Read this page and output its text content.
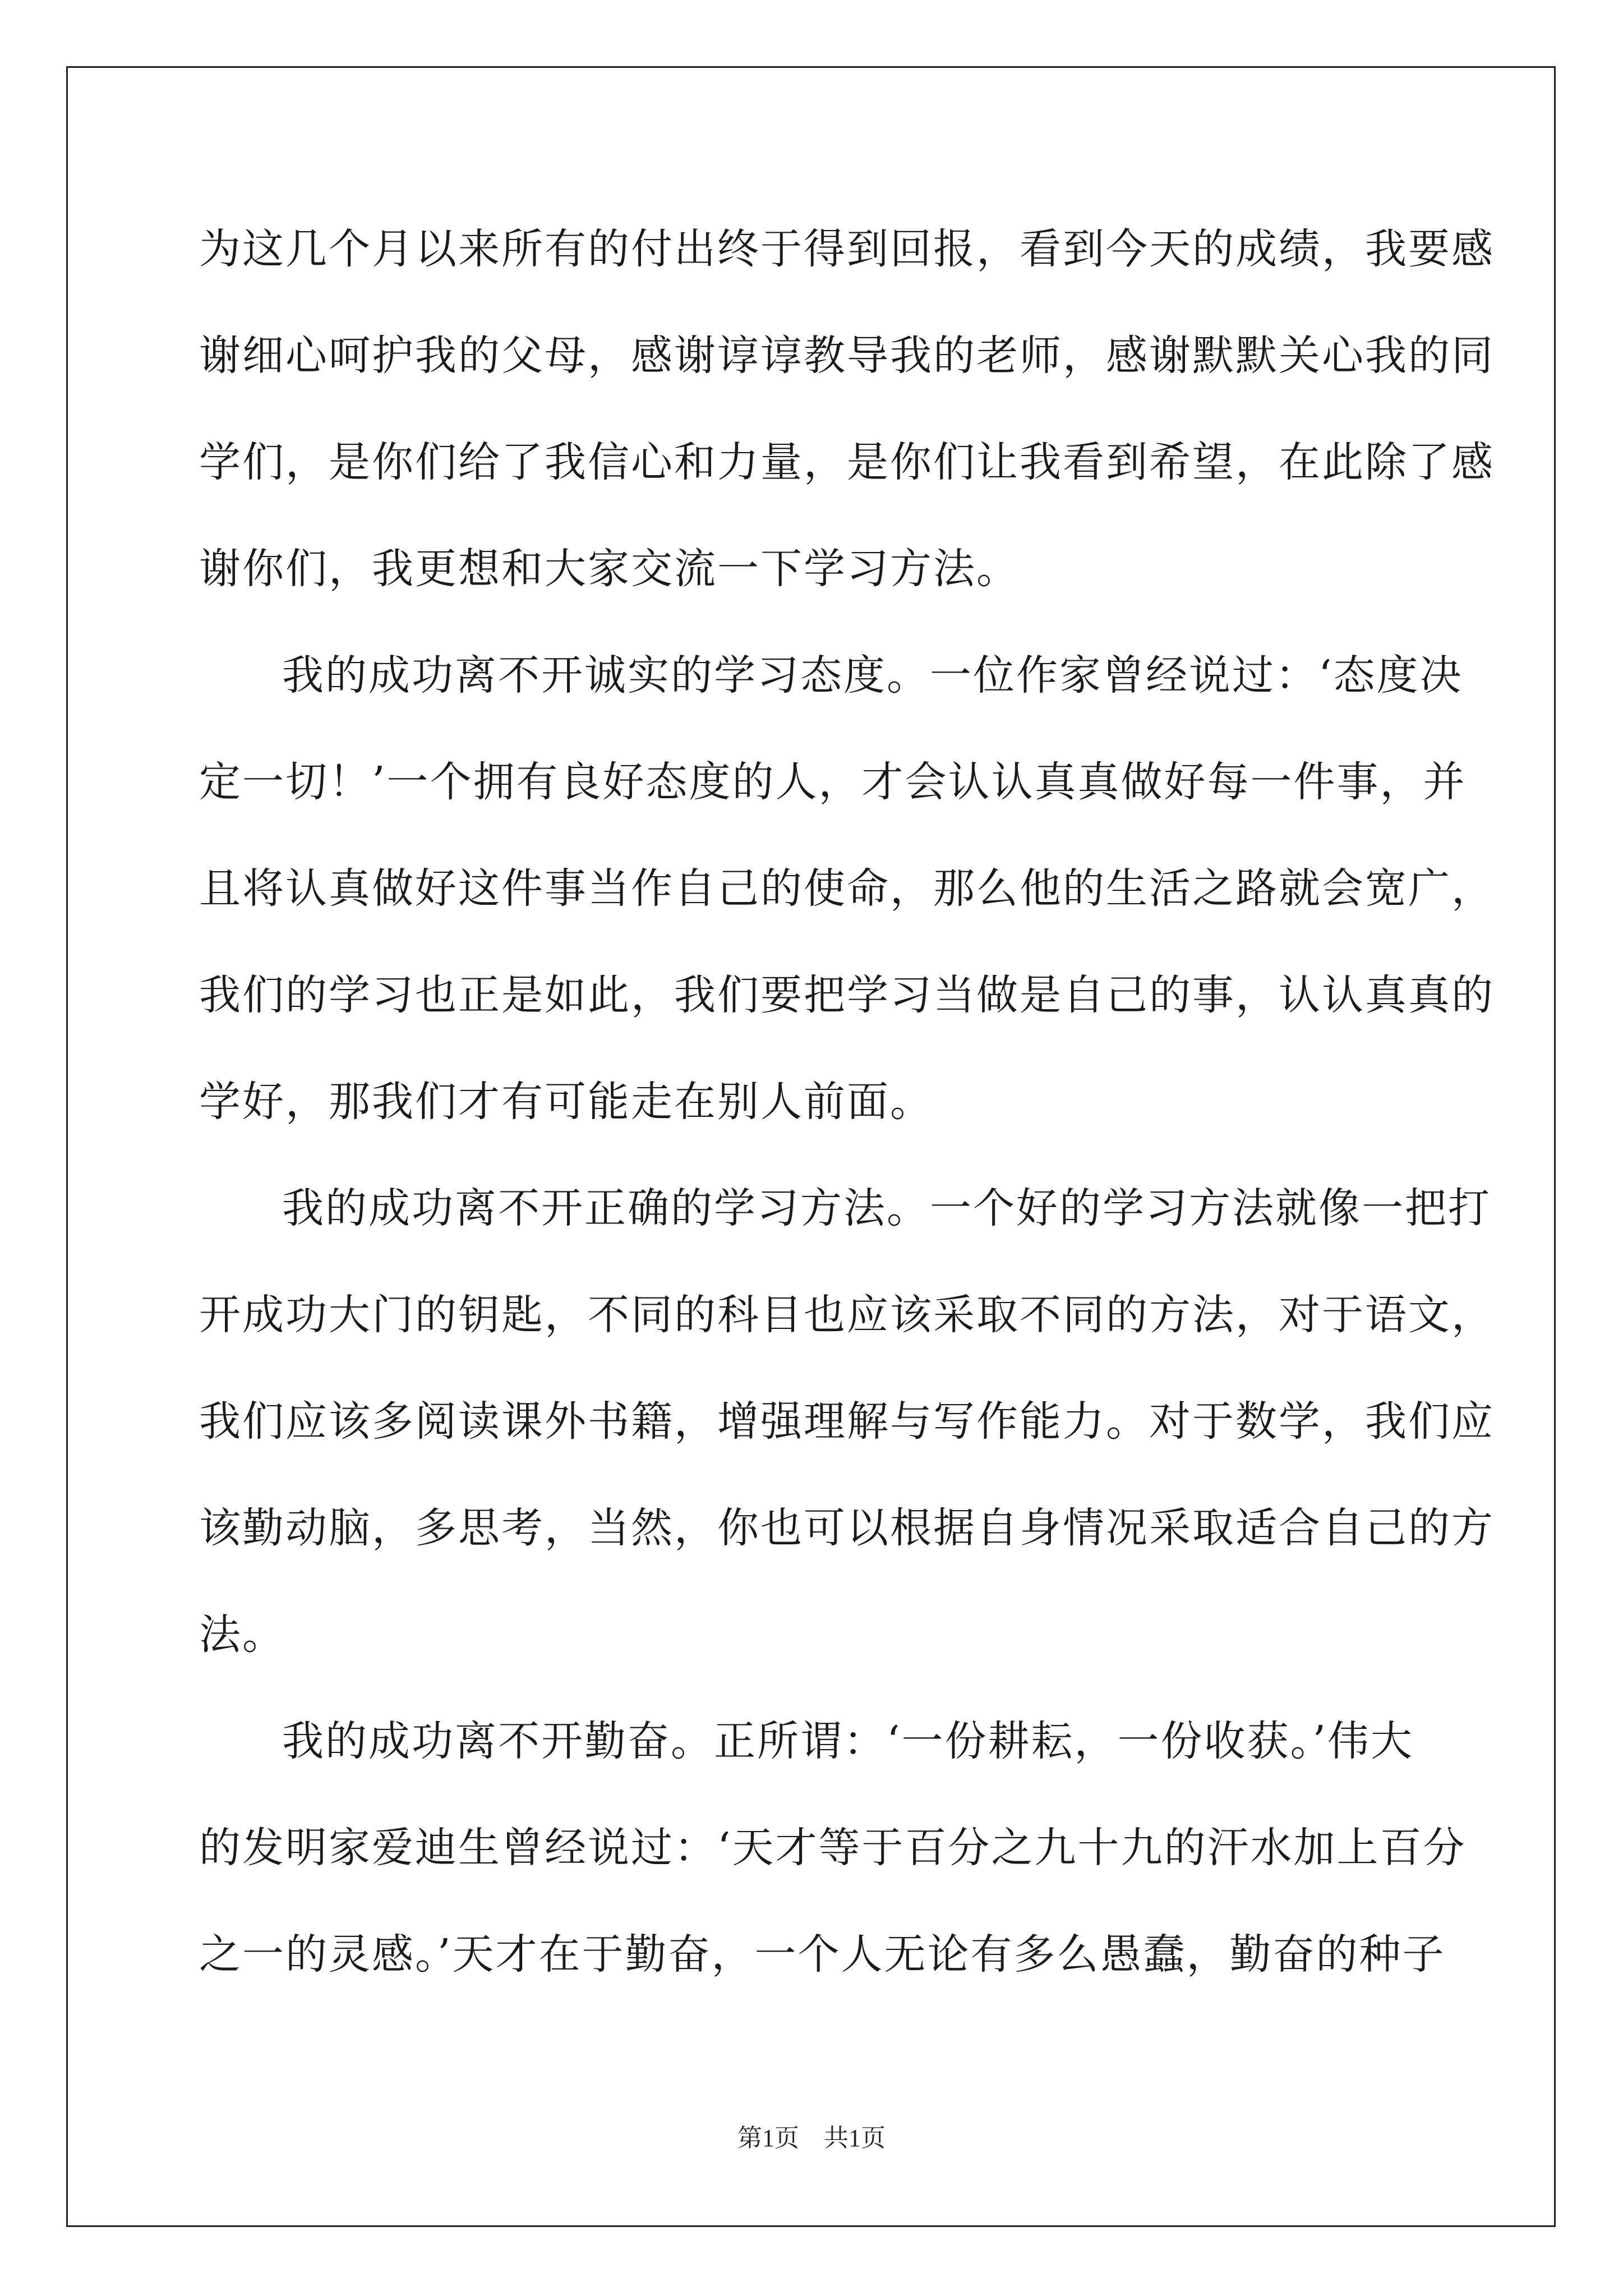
为这几个月以来所有的付出终于得到回报，看到今天的成绩，我要感
谢细心呵护我的父母，感谢谆谆教导我的老师，感谢默默关心我的同
学们，是你们给了我信心和力量，是你们让我看到希望，在此除了感
谢你们，我更想和大家交流一下学习方法。
我的成功离不开诚实的学习态度。一位作家曾经说过：‘态度决
定一切！’一个拥有良好态度的人，才会认认真真做好每一件事，并
且将认真做好这件事当作自己的使命，那么他的生活之路就会宽广，
我们的学习也正是如此，我们要把学习当做是自己的事，认认真真的
学好，那我们才有可能走在别人前面。
我的成功离不开正确的学习方法。一个好的学习方法就像一把打
开成功大门的钥匙，不同的科目也应该采取不同的方法，对于语文，
我们应该多阅读课外书籍，增强理解与写作能力。对于数学，我们应
该勤动脑，多思考，当然，你也可以根据自身情况采取适合自己的方
法。
我的成功离不开勤奋。正所谓：‘一份耕耘，一份收获。’伟大
的发明家爱迪生曾经说过：‘天才等于百分之九十九的汗水加上百分
之一的灵感。’天才在于勤奋，一个人无论有多么愚蠢，勤奋的种子
第1页　共1页
